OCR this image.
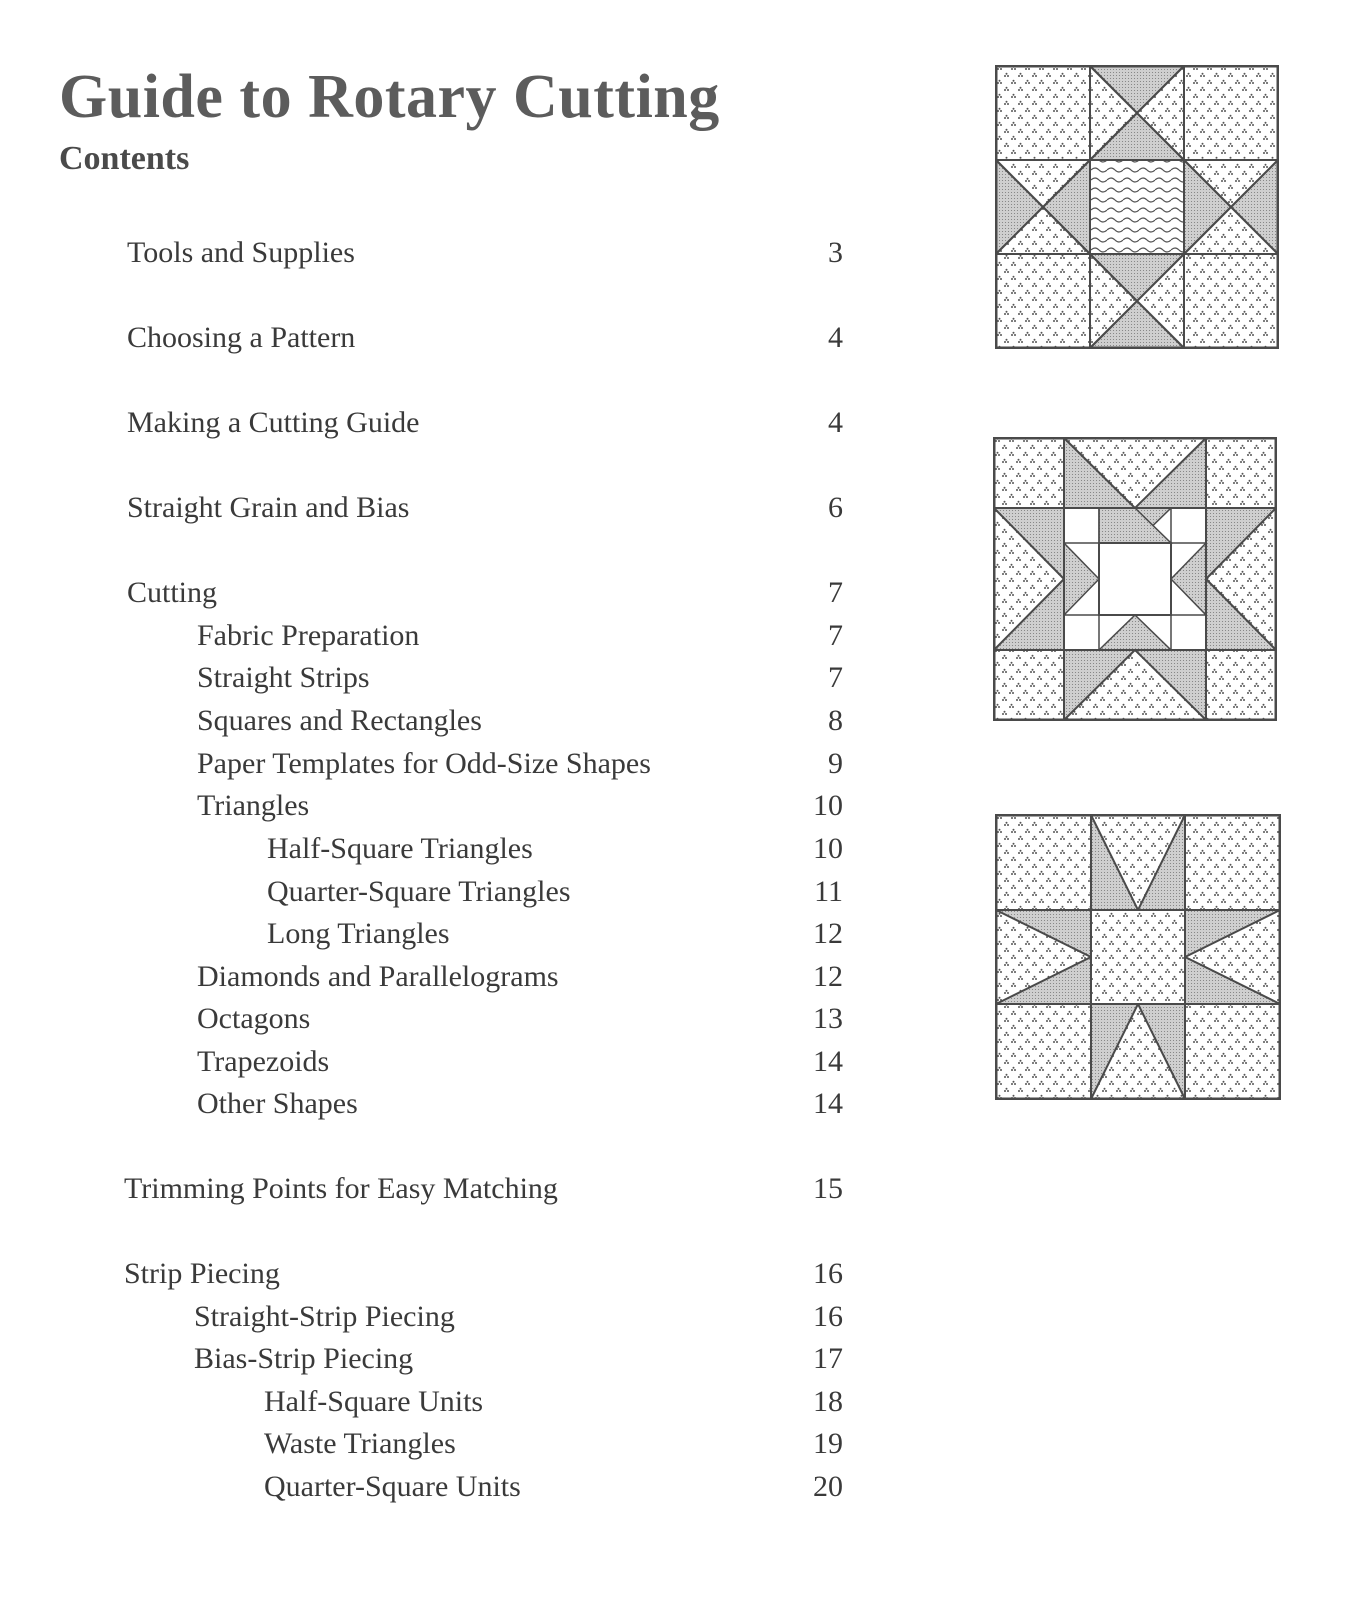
Guide to Rotary Cutting
Contents
Tools and Supplies	3
Choosing a Pattern	4
Making a Cutting Guide	4
Straight Grain and Bias	6
Cutting	7
Fabric Preparation	7
Straight Strips	7
Squares and Rectangles	8
Paper Templates for Odd-Size Shapes	9
Triangles	10
Half-Square Triangles	10
Quarter-Square Triangles	11
Long Triangles	12
Diamonds and Parallelograms	12
Octagons	13
Trapezoids	14
Other Shapes	14
Trimming Points for Easy Matching	15
Strip Piecing	16
Straight-Strip Piecing	16
Bias-Strip Piecing	17
Half-Square Units	18
Waste Triangles	19
Quarter-Square Units	20
